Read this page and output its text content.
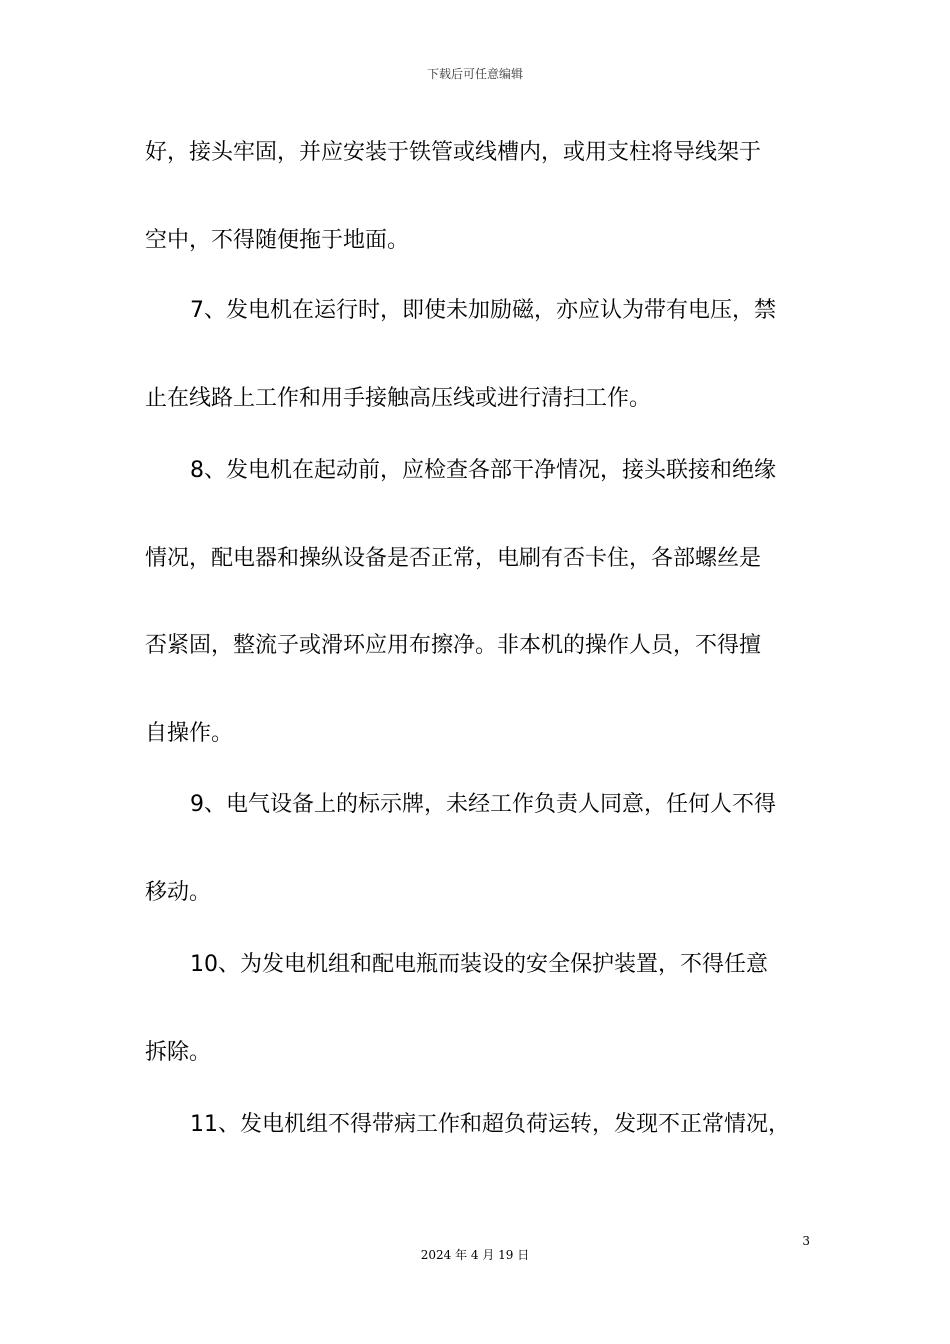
下载后可任意编辑
好，接头牢固，并应安装于铁管或线槽内，或用支柱将导线架于
空中，不得随便拖于地面。
7、发电机在运行时，即使未加励磁，亦应认为带有电压，禁
止在线路上工作和用手接触高压线或进行清扫工作。
8、发电机在起动前，应检查各部干净情况，接头联接和绝缘
情况，配电器和操纵设备是否正常，电刷有否卡住，各部螺丝是
否紧固，整流子或滑环应用布擦净。非本机的操作人员，不得擅
自操作。
9、电气设备上的标示牌，未经工作负责人同意，任何人不得
移动。
10、为发电机组和配电瓶而装设的安全保护装置，不得任意
拆除。
11、发电机组不得带病工作和超负荷运转，发现不正常情况，
3
2024 年 4 月 19 日
